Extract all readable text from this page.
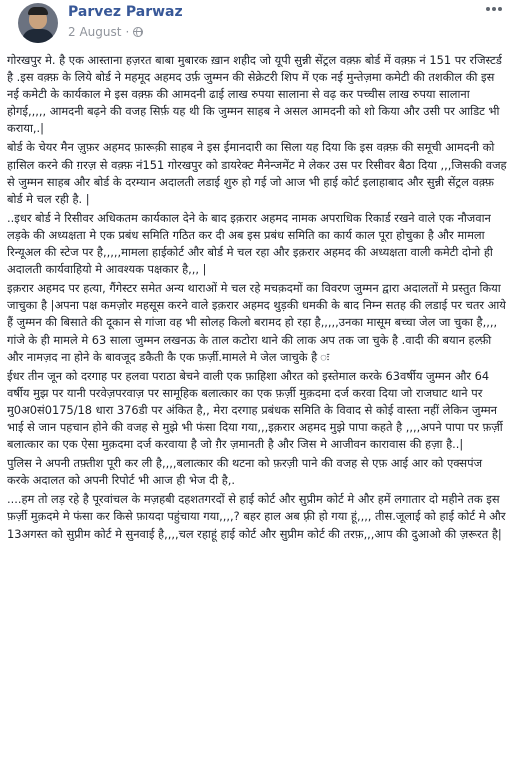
Parvez Parwaz
2 August ·

गोरखपुर मे. है एक आस्ताना हज़रत बाबा मुबारक ख़ान शहीद जो यूपी सुन्नी सेंट्रल वक़्फ़ बोर्ड में वक़्फ़ नं 151 पर रजिस्टर्ड है .इस वक़्फ़ के लिये बोर्ड ने महमूद अहमद उर्फ़ जुम्मन की सेक्रेटरी शिप में एक नई मुन्तेज़मा कमेटी की तशकील की इस नई कमेटी के कार्यकाल मे इस वक़्फ़ की आमदनी ढाई लाख रुपया सालाना से वढ़ कर पच्चीस लाख रुपया सालाना होगई,,,,, आमदनी बढ़ने की वजह सिर्फ़ यह थी कि जुम्मन साहब ने असल आमदनी को शो किया और उसी पर आडिट भी कराया,.|

बोर्ड के चेयर मैन ज़ुफ़र अहमद फ़ारूक़ी साहब ने इस ईमानदारी का सिला यह दिया कि इस वक़्फ़ की समूची आमदनी को हासिल करने की ग़रज़ से वक़्फ़ नं151 गोरखपुर को डायरेक्ट मैनेन्जमेंट मे लेकर उस पर रिसीवर बैठा दिया ,,,जिसकी वजह से जुम्मन साहब और बोर्ड के दरम्यान अदालती लडाई शुरु हो गई जो आज भी हाई कोर्ट इलाहाबाद और सुन्नी सेंट्रल वक़्फ़ बोर्ड मे चल रही है. |

..इधर बोर्ड ने रिसीवर अधिकतम कार्यकाल देने के बाद इक़रार अहमद नामक अपराधिक रिकार्ड रखने वाले एक नौजवान लड़के की अध्यक्षता मे एक प्रबंध समिति गठित कर दी अब इस प्रबंध समिति का कार्य काल पूरा होचुका है और मामला रिन्यूअल की स्टेज पर है,,,,,मामला हाईकोर्ट और बोर्ड मे चल रहा और इक़रार अहमद की अध्यक्षता वाली कमेटी दोनो ही अदालती कार्यवाहियो मे आवश्यक पक्षकार है,,, |

इक़रार अहमद पर हत्या, गैंगेस्टर समेत अन्य थाराओं मे चल रहे मचक़दमों का विवरण जुम्मन द्वारा अदालतों मे प्रस्तुत किया जाचुका है |अपना पक्ष कमज़ोर महसूस करने वाले इक़रार अहमद थुड़की धमकी के बाद निम्न सतह की लडाई पर चतर आये हैं जुम्मन की बिसाते की दूकान से गांजा वह भी सोलह किलो बरामद हो रहा है,,,,,उनका मासूम बच्चा जेल जा चुका है,,,, गांजे के ही मामले मे 63 साला जुम्मन लखनऊ के ताल कटोरा थाने की लाक अप तक जा चुके है .वादी की बयान हल्फ़ी और नामज़द ना होने के बावजूद डकैती कै एक फ़र्ज़ी.मामले मे जेल जाचुके है ः

ईधर तीन जून को दरगाह पर हलवा पराठा बेचने वाली एक फ़ाहिशा औरत को इस्तेमाल करके 63वर्षीय जुम्मन और 64 वर्षीय मुझ पर यानी परवेज़परवाज़ पर सामूहिक बलात्कार का एक फ़र्ज़ी मुक़दमा दर्ज करवा दिया जो राजघाट थाने पर मु0अ0सं0175/18 धारा 376डी पर अंकित है,, मेरा दरगाह प्रबंधक समिति के विवाद से कोई वास्ता नहीं लेकिन जुम्मन भाई से जान पहचान होने की वजह से मुझे भी फंसा दिया गया,,,इक़रार अहमद मुझे पापा कहते है ,,,,अपने पापा पर फ़र्ज़ी बलात्कार का एक ऐसा मुक़दमा दर्ज करवाया है जो ग़ैर ज़मानती है और जिस मे आजीवन कारावास की हज़ा है..|

पुलिस ने अपनी तफ़्तीश पूरी कर ली है,,,,बलात्कार की थटना को फ़रज़ी पाने की वजह से एफ़ आई आर को एक्सपंज करके अदालत को अपनी रिपोर्ट भी आज ही भेज दी है,.

....हम तो लड़ रहे है पूरवांचल के मज़हबी दहशतगरदों से हाई कोर्ट और सुप्रीम कोर्ट मे और हमें लगातार दो महीने तक इस फ़र्ज़ी मुक़दमे मे फंसा कर किसे फ़ायदा पहुंचाया गया,,,,? बहर हाल अब फ़्री हो गया हूं,,,, तीस.जूलाई को हाई कोर्ट मे और 13अगस्त को सुप्रीम कोर्ट मे सुनवाई है,,,,चल रहाहूं हाई कोर्ट और सुप्रीम कोर्ट की तरफ़,,,आप की दुआओ की ज़रूरत है|
